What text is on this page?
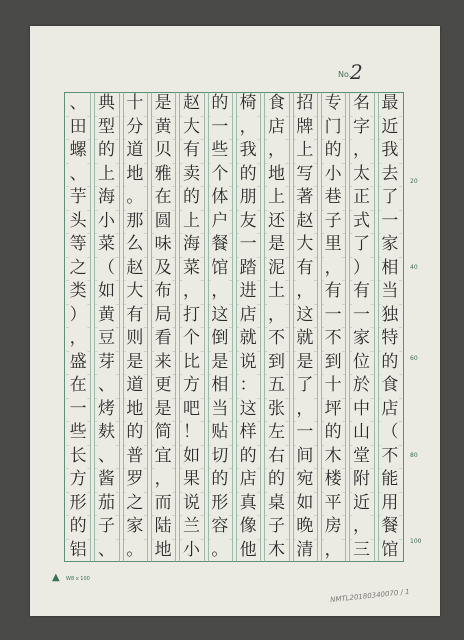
No.
2
最
近
我
去
了
一
家
相
当
独
特
的
食
店
（
不
能
用
餐
馆
名
字
，
太
正
式
了
）
有
一
家
位
於
中
山
堂
附
近
，
三
专
门
的
小
巷
子
里
，
有
一
不
到
十
坪
的
木
楼
平
房
，
招
牌
上
写
著
赵
大
有
，
这
就
是
了
，
一
间
宛
如
晚
清
食
店
，
地
上
还
是
泥
土
，
不
到
五
张
左
右
的
桌
子
木
椅
，
我
的
朋
友
一
踏
进
店
就
说
：
这
样
的
店
真
像
他
的
一
些
个
体
户
餐
馆
，
这
倒
是
相
当
贴
切
的
形
容
。
赵
大
有
卖
的
上
海
菜
，
打
个
比
方
吧
！
如
果
说
兰
小
是
黄
贝
雅
在
圆
味
及
布
局
看
来
更
是
简
宜
，
而
陆
地
十
分
道
地
。
那
么
赵
大
有
则
是
道
地
的
普
罗
之
家
。
典
型
的
上
海
小
菜
（
如
黄
豆
芽
、
烤
麸
、
酱
茄
子
、
、
田
螺
、
芋
头
等
之
类
）
，
盛
在
一
些
长
方
形
的
铝
20
40
60
80
100
▲	W8 x 100
NMTL20180340070 / 1
